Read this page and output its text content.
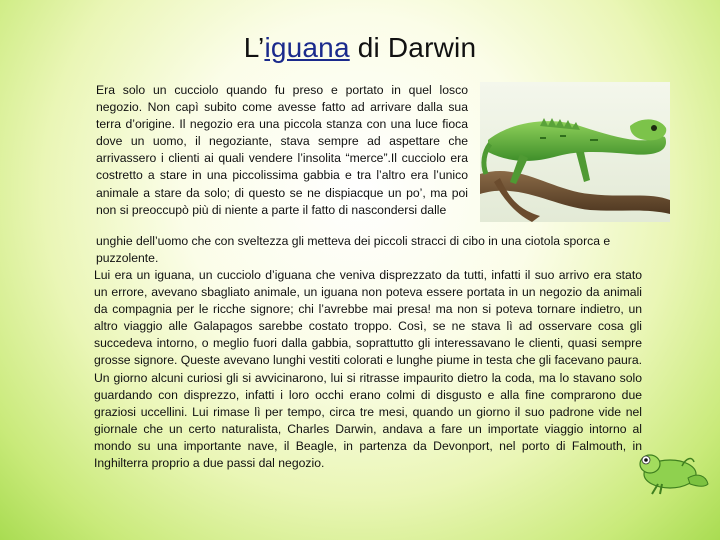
L’iguana di Darwin

Era solo un cucciolo quando fu preso e portato in quel losco negozio. Non capì subito come avesse fatto ad arrivare dalla sua terra d’origine. Il negozio era una piccola stanza con una luce fioca dove un uomo, il negoziante, stava sempre ad aspettare che arrivassero i clienti ai quali vendere l’insolita “merce”.Il cucciolo era costretto a stare in una piccolissima gabbia e tra l’altro era l’unico animale a stare da solo; di questo se ne dispiacque un po’, ma poi non si preoccupò più di niente a parte il fatto di nascondersi dalle

unghie dell’uomo che con sveltezza gli metteva dei piccoli stracci di cibo in una ciotola sporca e puzzolente.

Lui era un iguana, un cucciolo d’iguana che veniva disprezzato da tutti, infatti il suo arrivo era stato un errore, avevano sbagliato animale, un iguana non poteva essere portata in un negozio da animali da compagnia per le ricche signore; chi l’avrebbe mai presa! ma non si poteva tornare indietro, un altro viaggio alle Galapagos sarebbe costato troppo. Così, se ne stava lì ad osservare cosa gli succedeva intorno, o meglio fuori dalla gabbia, soprattutto gli interessavano le clienti, quasi sempre grosse signore. Queste avevano lunghi vestiti colorati e lunghe piume in testa che gli facevano paura. Un giorno alcuni curiosi gli si avvicinarono, lui si ritrasse impaurito dietro la coda, ma lo stavano solo guardando con disprezzo, infatti i loro occhi erano colmi di disgusto e alla fine comprarono due graziosi uccellini. Lui rimase lì per tempo, circa tre mesi, quando un giorno il suo padrone vide nel giornale che un certo naturalista, Charles Darwin, andava a fare un importate viaggio intorno al mondo su una importante nave, il Beagle, in partenza da Devonport, nel porto di Falmouth, in Inghilterra proprio a due passi dal negozio.
